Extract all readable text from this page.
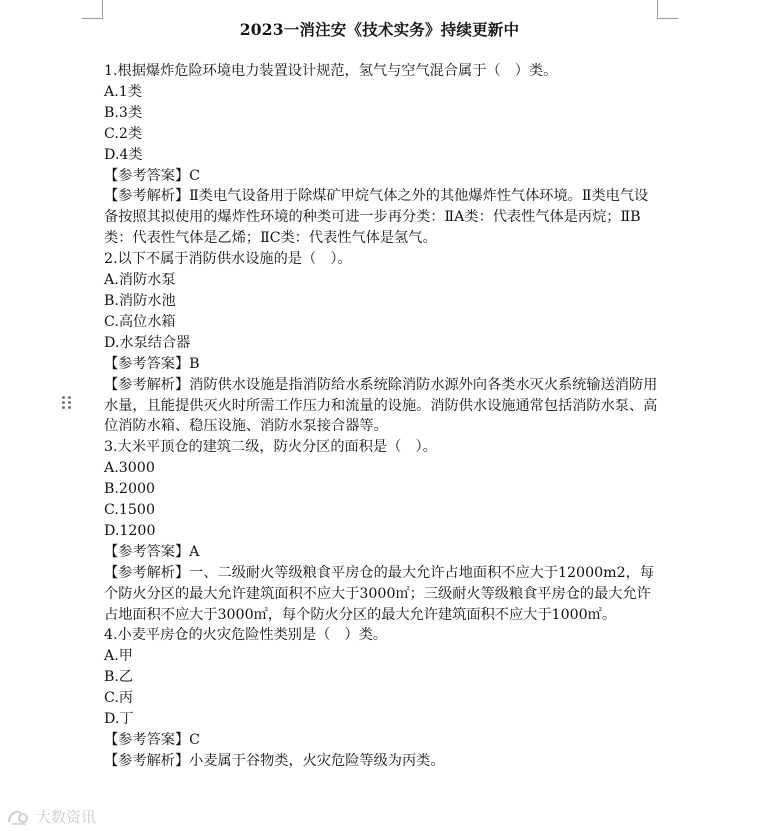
2023一消注安《技术实务》持续更新中

1.根据爆炸危险环境电力装置设计规范，氢气与空气混合属于（　）类。

A.1类

B.3类

C.2类

D.4类

【参考答案】C

【参考解析】Ⅱ类电气设备用于除煤矿甲烷气体之外的其他爆炸性气体环境。Ⅱ类电气设备按照其拟使用的爆炸性环境的种类可进一步再分类：ⅡA类：代表性气体是丙烷；ⅡB类：代表性气体是乙烯；ⅡC类：代表性气体是氢气。

2.以下不属于消防供水设施的是（　）。

A.消防水泵

B.消防水池

C.高位水箱

D.水泵结合器

【参考答案】B

【参考解析】消防供水设施是指消防给水系统除消防水源外向各类水灭火系统输送消防用水量，且能提供灭火时所需工作压力和流量的设施。消防供水设施通常包括消防水泵、高位消防水箱、稳压设施、消防水泵接合器等。

3.大米平顶仓的建筑二级，防火分区的面积是（　）。

A.3000

B.2000

C.1500

D.1200

【参考答案】A

【参考解析】一、二级耐火等级粮食平房仓的最大允许占地面积不应大于12000m2，每个防火分区的最大允许建筑面积不应大于3000㎡；三级耐火等级粮食平房仓的最大允许占地面积不应大于3000㎡，每个防火分区的最大允许建筑面积不应大于1000㎡。

4.小麦平房仓的火灾危险性类别是（　）类。

A.甲

B.乙

C.丙

D.丁

【参考答案】C

【参考解析】小麦属于谷物类，火灾危险等级为丙类。

大数资讯
